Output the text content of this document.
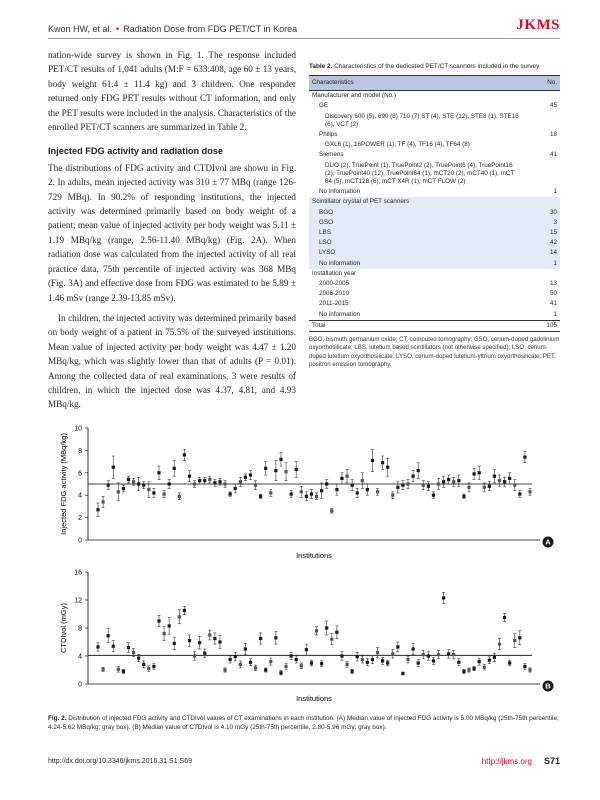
Kwon HW, et al. • Radiation Dose from FDG PET/CT in Korea	JKMS

nation-wide survey is shown in Fig. 1. The response included PET/CT results of 1,041 adults (M:F = 633:408, age 60 ± 13 years, body weight 61.4 ± 11.4 kg) and 3 children. One responder returned only FDG PET results without CT information, and only the PET results were included in the analysis. Characteristics of the enrolled PET/CT scanners are summarized in Table 2.

Injected FDG activity and radiation dose

The distributions of FDG activity and CTDIvol are shown in Fig. 2. In adults, mean injected activity was 310 ± 77 MBq (range 126-729 MBq). In 90.2% of responding institutions, the injected activity was determined primarily based on body weight of a patient; mean value of injected activity per body weight was 5.11 ± 1.19 MBq/kg (range, 2.56-11.40 MBq/kg) (Fig. 2A). When radiation dose was calculated from the injected activity of all real practice data, 75th percentile of injected activity was 368 MBq (Fig. 3A) and effective dose from FDG was estimated to be 5.89 ± 1.46 mSv (range 2.39-13.85 mSv).

In children, the injected activity was determined primarily based on body weight of a patient in 75.5% of the surveyed institutions. Mean value of injected activity per body weight was 4.47 ± 1.20 MBq/kg, which was slightly lower than that of adults (P = 0.01). Among the collected data of real examinations, 3 were results of children, in which the injected dose was 4.37, 4.81, and 4.93 MBq/kg.

Table 2. Characteristics of the dedicated PET/CT scanners included in the survey
Characteristics	No.
Manufacturer and model (No.)	
GE	45
Discovery 600 (5), 690 (8) 710 (7) ST (4), STE (12), STE8 (1), STE16 (6), VCT (2)	
Philips	18
GXL6 (1), 16POWER (1), TF (4), TF16 (4), TF64 (8)	
Siemens	41
DUO (2), TruePoint (1), TruePoint2 (2), TruePoint6 (4), TruePoint16 (2), TruePoint40 (12), TruePoint64 (1), mCT20 (2), mCT40 (1), mCT 64 (5), mCT128 (6), mCT X4R (1), mCT FLOW (2)	
No information	1
Scintillator crystal of PET scanners	
BGO	30
GSO	3
LBS	15
LSO	42
LYSO	14
No information	1
Installation year	
2000-2005	13
2006-2010	50
2011-2015	41
No information	1
Total	105
BGO, bismuth germanium oxide; CT, computed tomography; GSO, cerium-doped gadolinium oxyorthosilicate; LBS, lutetium based scintillators (not otherwise specified); LSO, cerium-doped lutetium oxyorthosilicate; LYSO, cerium-doped lutetium-yttrium oxyorthosilicate; PET, positron emission tomography.
0
2
4
6
8
10
Injected FDG activity (MBq/kg)
Institutions
A
0
4
8
12
16
CTDIvol (mGy)
Institutions
B
Fig. 2. Distribution of injected FDG activity and CTDIvol values of CT examinations in each institution. (A) Median value of injected FDG activity is 5.00 MBq/kg (25th-75th percentile, 4.24-5.62 MBq/kg; gray box). (B) Median value of CTDIvol is 4.10 mGy (25th-75th percentile, 2.80-5.96 mGy; gray box).
http://dx.doi.org/10.3346/jkms.2016.31.S1.S69	http://jkms.org S71
